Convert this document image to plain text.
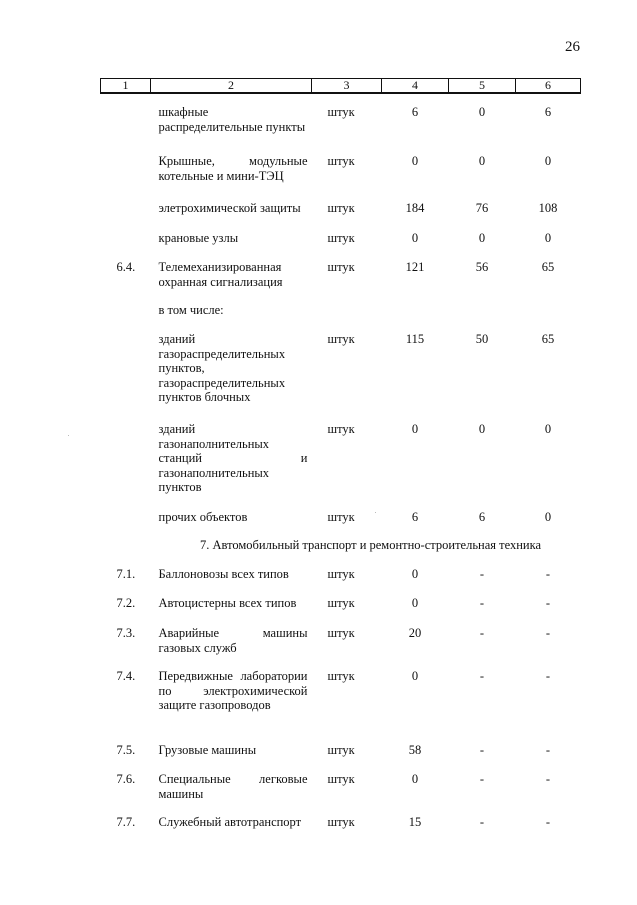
26
1	2	3	4	5	6
	шкафные распределительные пункты	штук	6	0	6
	Крышные, модульные котельные и мини-ТЭЦ	штук	0	0	0
	элетрохимической защиты	штук	184	76	108
	крановые узлы	штук	0	0	0
6.4.	Телемеханизированная охранная сигнализация	штук	121	56	65
	в том числе:				
	зданий газораспределительных пунктов, газораспределительных пунктов блочных	штук	115	50	65
	зданий газонаполнительных станций и газонаполнительных пунктов	штук	0	0	0
	прочих объектов	штук	6	6	0
7. Автомобильный транспорт и ремонтно-строительная техника					
7.1.	Баллоновозы всех типов	штук	0	-	-
7.2.	Автоцистерны всех типов	штук	0	-	-
7.3.	Аварийные машины газовых служб	штук	20	-	-
7.4.	Передвижные лаборатории по электрохимической защите газопроводов	штук	0	-	-
7.5.	Грузовые машины	штук	58	-	-
7.6.	Специальные легковые машины	штук	0	-	-
7.7.	Служебный автотранспорт	штук	15	-	-
